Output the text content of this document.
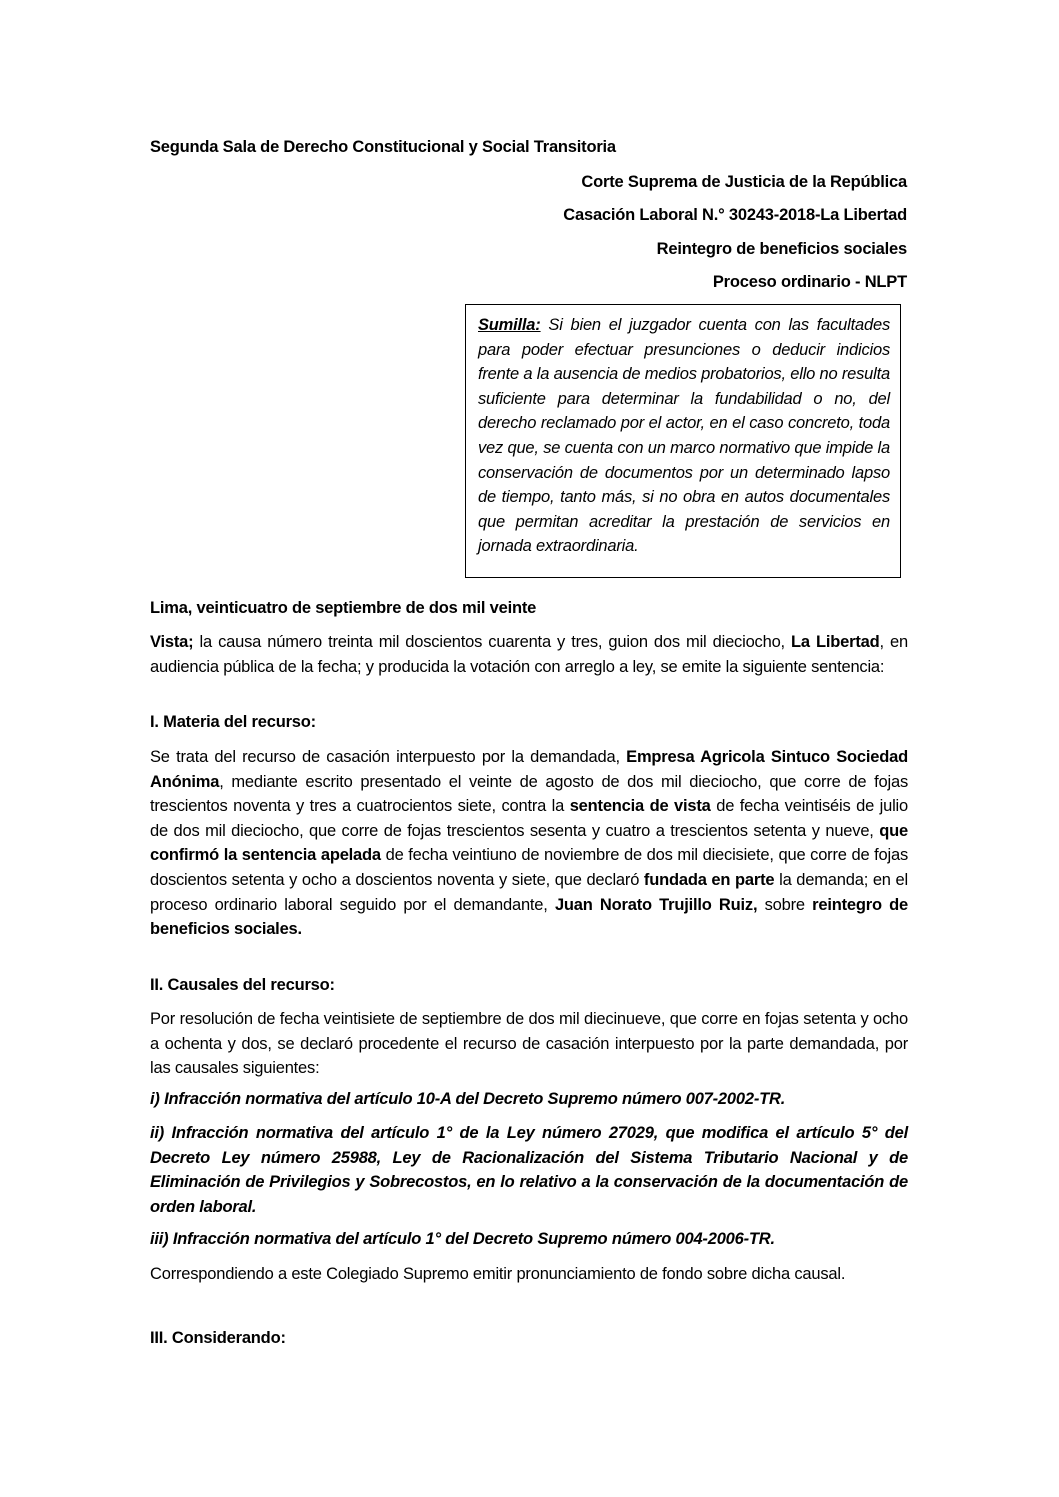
Segunda Sala de Derecho Constitucional y Social Transitoria
Corte Suprema de Justicia de la República
Casación Laboral N.° 30243-2018-La Libertad
Reintegro de beneficios sociales
Proceso ordinario - NLPT
Sumilla: Si bien el juzgador cuenta con las facultades para poder efectuar presunciones o deducir indicios frente a la ausencia de medios probatorios, ello no resulta suficiente para determinar la fundabilidad o no, del derecho reclamado por el actor, en el caso concreto, toda vez que, se cuenta con un marco normativo que impide la conservación de documentos por un determinado lapso de tiempo, tanto más, si no obra en autos documentales que permitan acreditar la prestación de servicios en jornada extraordinaria.
Lima, veinticuatro de septiembre de dos mil veinte
Vista; la causa número treinta mil doscientos cuarenta y tres, guion dos mil dieciocho, La Libertad, en audiencia pública de la fecha; y producida la votación con arreglo a ley, se emite la siguiente sentencia:
I. Materia del recurso:
Se trata del recurso de casación interpuesto por la demandada, Empresa Agricola Sintuco Sociedad Anónima, mediante escrito presentado el veinte de agosto de dos mil dieciocho, que corre de fojas trescientos noventa y tres a cuatrocientos siete, contra la sentencia de vista de fecha veintiséis de julio de dos mil dieciocho, que corre de fojas trescientos sesenta y cuatro a trescientos setenta y nueve, que confirmó la sentencia apelada de fecha veintiuno de noviembre de dos mil diecisiete, que corre de fojas doscientos setenta y ocho a doscientos noventa y siete, que declaró fundada en parte la demanda; en el proceso ordinario laboral seguido por el demandante, Juan Norato Trujillo Ruiz, sobre reintegro de beneficios sociales.
II. Causales del recurso:
Por resolución de fecha veintisiete de septiembre de dos mil diecinueve, que corre en fojas setenta y ocho a ochenta y dos, se declaró procedente el recurso de casación interpuesto por la parte demandada, por las causales siguientes:
i) Infracción normativa del artículo 10-A del Decreto Supremo número 007-2002-TR.
ii) Infracción normativa del artículo 1° de la Ley número 27029, que modifica el artículo 5° del Decreto Ley número 25988, Ley de Racionalización del Sistema Tributario Nacional y de Eliminación de Privilegios y Sobrecostos, en lo relativo a la conservación de la documentación de orden laboral.
iii) Infracción normativa del artículo 1° del Decreto Supremo número 004-2006-TR.
Correspondiendo a este Colegiado Supremo emitir pronunciamiento de fondo sobre dicha causal.
III. Considerando:
